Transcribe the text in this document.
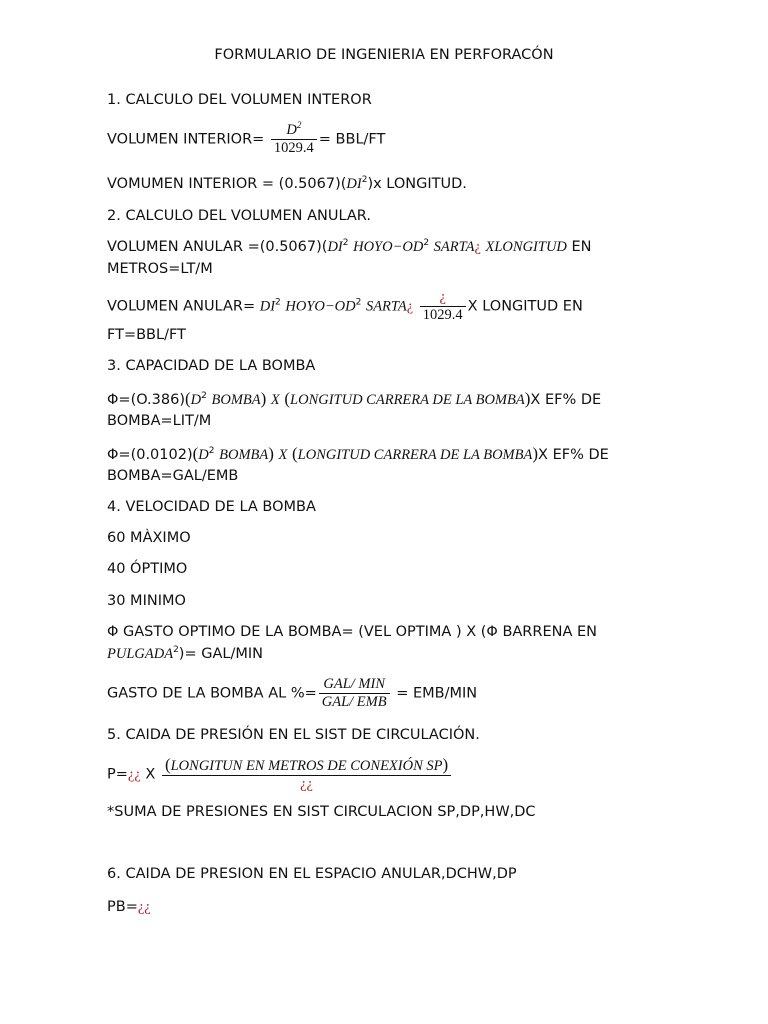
FORMULARIO DE INGENIERIA EN PERFORACÓN
1. CALCULO DEL VOLUMEN INTEROR
VOLUMEN INTERIOR= $\frac{D^2}{1029.4} = BBL/FT$
VOMUMEN INTERIOR = $(0.5067)(DI^2)x$ LONGITUD.
2. CALCULO DEL VOLUMEN ANULAR.
VOLUMEN ANULAR $=(0.5067)(DI^2$ $HOYO-OD^2$ SARTA¿ XLONGITUD EN
METROS=LT/M
VOLUMEN ANULAR= $DI^2$ $HOYO-OD^2$ SARTA¿ $\frac{¿}{1029.4}$ X LONGITUD EN
FT=BBL/FT
3. CAPACIDAD DE LA BOMBA
$\Phi=(O.386)(D^2$ BOMBA) X (LONGITUD CARRERA DE LA BOMBA)X EF% DE
BOMBA=LIT/M
$\Phi=(0.0102)(D^2$ BOMBA) X (LONGITUD CARRERA DE LA BOMBA)X EF% DE
BOMBA=GAL/EMB
4. VELOCIDAD DE LA BOMBA
60 MÀXIMO
40 ÓPTIMO
30 MINIMO
Φ GASTO OPTIMO DE LA BOMBA= (VEL OPTIMA ) X (Φ BARRENA EN
$PULGADA^2)= GAL/MIN$
GASTO DE LA BOMBA AL %= $\frac{\text{GAL/ MIN}}{\text{GAL/ EMB}} = EMB/MIN$
5. CAIDA DE PRESIÓN EN EL SIST DE CIRCULACIÓN.
P=¿¿ X $\frac{\text{(LONGITUN EN METROS DE CONEXIÓN SP)}}{¿¿}$
*SUMA DE PRESIONES EN SIST CIRCULACION SP,DP,HW,DC
6. CAIDA DE PRESION EN EL ESPACIO ANULAR,DCHW,DP
PB=¿¿
